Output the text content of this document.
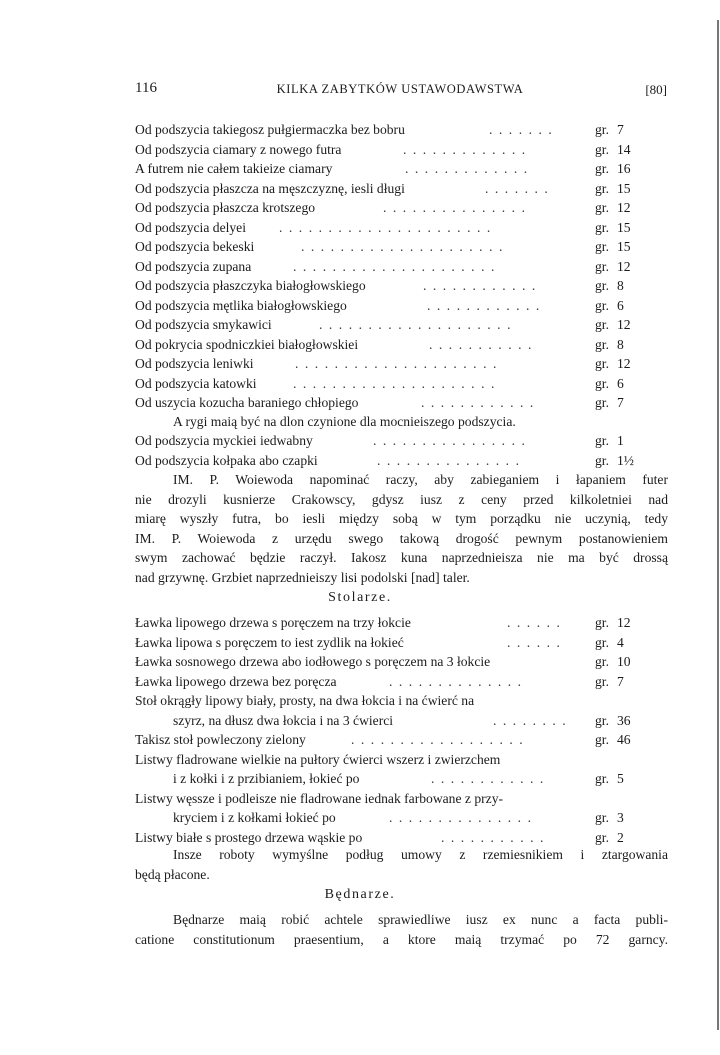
116	KILKA ZABYTKÓW USTAWODAWSTWA	[80]
Od podszycia takiegosz pułgiermaczka bez bobru	.......	gr. 7
Od podszycia ciamary z nowego futra	.............	gr. 14
A futrem nie całem takieize ciamary	.............	gr. 16
Od podszycia płaszcza na męszczyznę, iesli długi	.......	gr. 15
Od podszycia płaszcza krotszego	...............	gr. 12
Od podszycia delyei ......................	gr. 15
Od podszycia bekeski	.....................	gr. 15
Od podszycia zupana	.....................	gr. 12
Od podszycia płaszczyka białogłowskiego	............	gr. 8
Od podszycia mętlika białogłowskiego	............	gr. 6
Od podszycia smykawici	....................	gr. 12
Od pokrycia spodniczkiei białogłowskiei	...........	gr. 8
Od podszycia leniwki	.....................	gr. 12
Od podszycia katowki	.....................	gr. 6
Od uszycia kozucha baraniego chłopiego	............	gr. 7
A rygi maią być na dlon czynione dla mocnieiszego podszycia.
Od podszycia myckiei iedwabny	................	gr. 1
Od podszycia kołpaka abo czapki	...............	gr. 1½
IM. P. Woiewoda napominać raczy, aby zabieganiem i łapaniem futer
nie drozyli kusnierze Crakowscy, gdysz iusz z ceny przed kilkoletniei nad
miarę wyszły futra, bo iesli między sobą w tym porządku nie uczynią, tedy
IM. P. Woiewoda z urzędu swego takową drogość pewnym postanowieniem
swym zachować będzie raczył. Iakosz kuna naprzednieisza nie ma być drossą
nad grzywnę. Grzbiet naprzednieiszy lisi podolski [nad] taler.
Stolarze.
Ławka lipowego drzewa s poręczem na trzy łokcie	......	gr. 12
Ławka lipowa s poręczem to iest zydlik na łokieć	......	gr. 4
Ławka sosnowego drzewa abo iodłowego s poręczem na 3 łokcie	gr. 10
Ławka lipowego drzewa bez poręcza	..............	gr. 7
Stoł okrągły lipowy biały, prosty, na dwa łokcia i na ćwierć na
szyrz, na dłusz dwa łokcia i na 3 ćwierci	........	gr. 36
Takisz stoł powleczony zielony	..................	gr. 46
Listwy fladrowane wielkie na pułtory ćwierci wszerz i zwierzchem
i z kołki i z przibianiem, łokieć po	............	gr. 5
Listwy węssze i podleisze nie fladrowane iednak farbowane z przy-
kryciem i z kołkami łokieć po	...............	gr. 3
Listwy białe s prostego drzewa wąskie po	...........	gr. 2
Insze roboty wymyślne podług umowy z rzemiesnikiem i ztargowania
będą płacone.
Będnarze.
Będnarze maią robić achtele sprawiedliwe iusz ex nunc a facta publi-
catione constitutionum praesentium, a ktore maią trzymać po 72 garncy.
